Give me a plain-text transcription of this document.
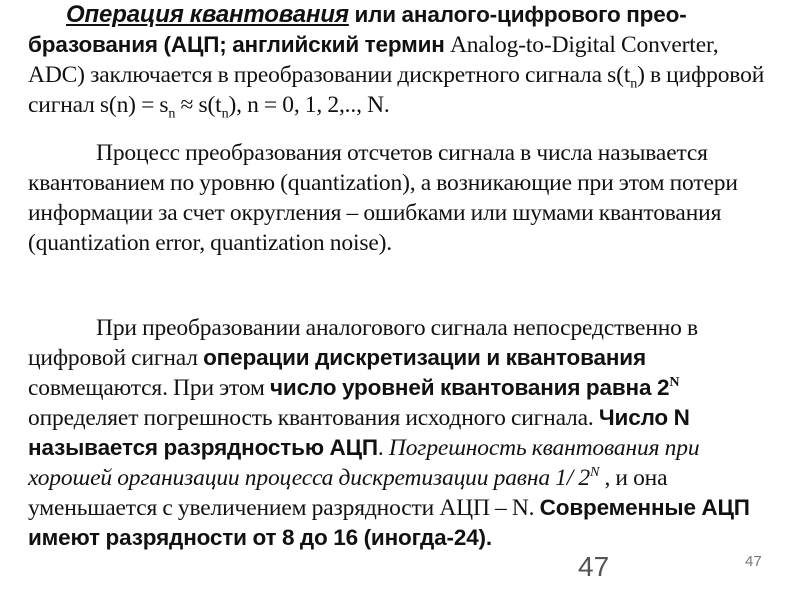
Операция квантования или аналого-цифрового прео-бразования (АЦП; английский термин Analog-to-Digital Converter, ADC) заключается в преобразовании дискретного сигнала $s(t_n)$ в цифровой сигнал $s(n) = s_n \approx s(t_n)$, n = 0, 1, 2,.., N.
Процесс преобразования отсчетов сигнала в числа называется квантованием по уровню (quantization), а возникающие при этом потери информации за счет округления – ошибками или шумами квантования (quantization error, quantization noise).
При преобразовании аналогового сигнала непосредственно в цифровой сигнал операции дискретизации и квантования совмещаются. При этом число уровней квантования равна $2^N$ определяет погрешность квантования исходного сигнала. Число N называется разрядностью АЦП. Погрешность квантования при хорошей организации процесса дискретизации равна 1/ $2^N$ , и она уменьшается с увеличением разрядности АЦП – N. Современные АЦП имеют разрядности от 8 до 16 (иногда-24).
47	47
